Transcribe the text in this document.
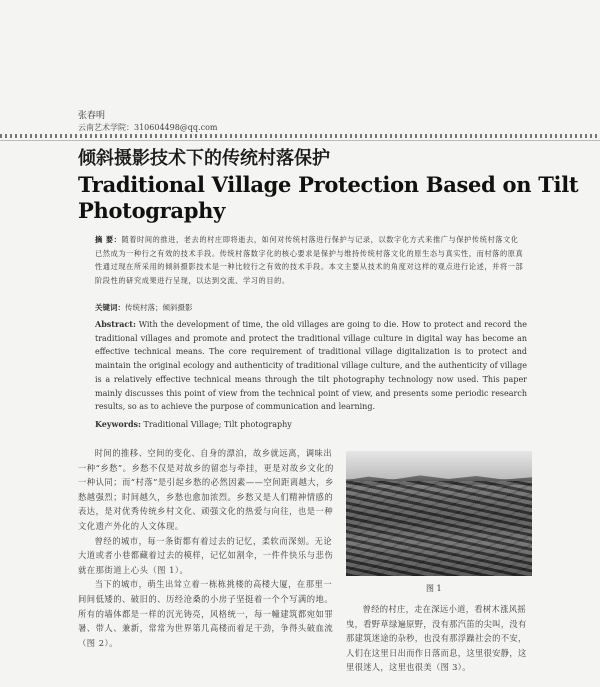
张春明
云南艺术学院：310604498@qq.com
倾斜摄影技术下的传统村落保护
Traditional Village Protection Based on Tilt Photography
摘 要：随着时间的推进，老去的村庄即将逝去，如何对传统村落进行保护与记录，以数字化方式来推广与保护传统村落文化已然成为一种行之有效的技术手段。传统村落数字化的核心要求是保护与维持传统村落文化的原生态与真实性，而村落的原真性通过现在所采用的倾斜摄影技术是一种比较行之有效的技术手段。本文主要从技术的角度对这样的观点进行论述，并将一部阶段性的研究成果进行呈现，以达到交流、学习的目的。
关键词：传统村落；倾斜摄影
Abstract: With the development of time, the old villages are going to die. How to protect and record the traditional villages and promote and protect the traditional village culture in digital way has become an effective technical means. The core requirement of traditional village digitalization is to protect and maintain the original ecology and authenticity of traditional village culture, and the authenticity of village is a relatively effective technical means through the tilt photography technology now used. This paper mainly discusses this point of view from the technical point of view, and presents some periodic research results, so as to achieve the purpose of communication and learning.
Keywords: Traditional Village; Tilt photography

时间的推移、空间的变化、自身的漂泊，故乡就远离，调味出一种“乡愁”。乡愁不仅是对故乡的留恋与牵挂，更是对故乡文化的一种认同；而“村落”是引起乡愁的必然因素——空间距离越大，乡愁越强烈；时间越久，乡愁也愈加浓烈。乡愁又是人们精神情感的表达，是对优秀传统乡村文化、顽强文化的热爱与向往，也是一种文化遗产外化的人文体现。

曾经的城市，每一条街都有着过去的记忆，柔软而深刻。无论大道或者小巷都藏着过去的模样，记忆如割伞，一件件快乐与悲伤就在那街道上心头（图 1）。

当下的城市，萌生出耸立着一栋栋挑楼的高楼大厦，在那里一间间低矮的、破旧的、历经沧桑的小房子坚挺着一个个写满的地。所有的墙体都是一样的沉光铸亮，风格统一，每一幢建筑都宛如罪暑、带人、兼新，常常为世界第几高楼而着足干劲，争得头破血流（图 2）。

图 1

曾经的村庄，走在深远小道，看树木涨风摇曳，看野草绿遍原野，没有那汽笛的尖叫，没有那建筑迷途的杂秒，也没有那浮躁社会的不安，人们在这里日出而作日落而息，这里很安静，这里很迷人，这里也很美（图 3）。
